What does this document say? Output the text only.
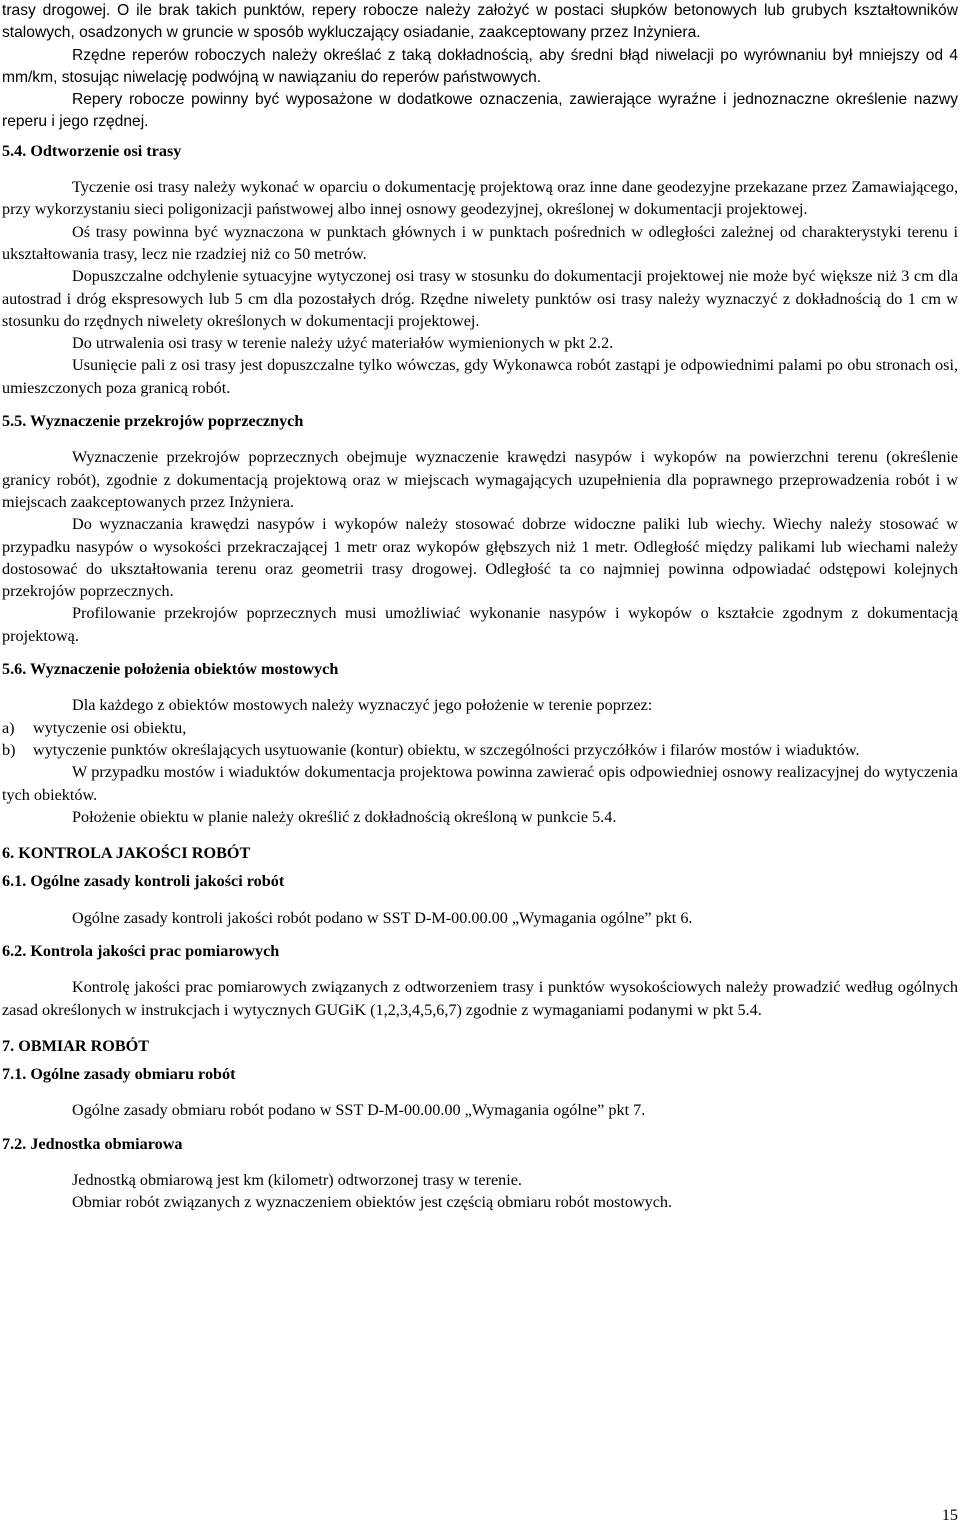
trasy drogowej. O ile brak takich punktów, repery robocze należy założyć w postaci słupków betonowych lub grubych kształtowników stalowych, osadzonych w gruncie w sposób wykluczający osiadanie, zaakceptowany przez Inżyniera.

Rzędne reperów roboczych należy określać z taką dokładnością, aby średni błąd niwelacji po wyrównaniu był mniejszy od 4 mm/km, stosując niwelację podwójną w nawiązaniu do reperów państwowych.

Repery robocze powinny być wyposażone w dodatkowe oznaczenia, zawierające wyraźne i jednoznaczne określenie nazwy reperu i jego rzędnej.

5.4. Odtworzenie osi trasy

Tyczenie osi trasy należy wykonać w oparciu o dokumentację projektową oraz inne dane geodezyjne przekazane przez Zamawiającego, przy wykorzystaniu sieci poligonizacji państwowej albo innej osnowy geodezyjnej, określonej w dokumentacji projektowej.

Oś trasy powinna być wyznaczona w punktach głównych i w punktach pośrednich w odległości zależnej od charakterystyki terenu i ukształtowania trasy, lecz nie rzadziej niż co 50 metrów.

Dopuszczalne odchylenie sytuacyjne wytyczonej osi trasy w stosunku do dokumentacji projektowej nie może być większe niż 3 cm dla autostrad i dróg ekspresowych lub 5 cm dla pozostałych dróg. Rzędne niwelety punktów osi trasy należy wyznaczyć z dokładnością do 1 cm w stosunku do rzędnych niwelety określonych w dokumentacji projektowej.

Do utrwalenia osi trasy w terenie należy użyć materiałów wymienionych w pkt 2.2.

Usunięcie pali z osi trasy jest dopuszczalne tylko wówczas, gdy Wykonawca robót zastąpi je odpowiednimi palami po obu stronach osi, umieszczonych poza granicą robót.

5.5. Wyznaczenie przekrojów poprzecznych

Wyznaczenie przekrojów poprzecznych obejmuje wyznaczenie krawędzi nasypów i wykopów na powierzchni terenu (określenie granicy robót), zgodnie z dokumentacją projektową oraz w miejscach wymagających uzupełnienia dla poprawnego przeprowadzenia robót i w miejscach zaakceptowanych przez Inżyniera.

Do wyznaczania krawędzi nasypów i wykopów należy stosować dobrze widoczne paliki lub wiechy. Wiechy należy stosować w przypadku nasypów o wysokości przekraczającej 1 metr oraz wykopów głębszych niż 1 metr. Odległość między palikami lub wiechami należy dostosować do ukształtowania terenu oraz geometrii trasy drogowej. Odległość ta co najmniej powinna odpowiadać odstępowi kolejnych przekrojów poprzecznych.

Profilowanie przekrojów poprzecznych musi umożliwiać wykonanie nasypów i wykopów o kształcie zgodnym z dokumentacją projektową.

5.6. Wyznaczenie położenia obiektów mostowych

Dla każdego z obiektów mostowych należy wyznaczyć jego położenie w terenie poprzez:

a)	wytyczenie osi obiektu,
b)	wytyczenie punktów określających usytuowanie (kontur) obiektu, w szczególności przyczółków i filarów mostów i wiaduktów.

W przypadku mostów i wiaduktów dokumentacja projektowa powinna zawierać opis odpowiedniej osnowy realizacyjnej do wytyczenia tych obiektów.

Położenie obiektu w planie należy określić z dokładnością określoną w punkcie 5.4.

6. KONTROLA JAKOŚCI ROBÓT
6.1. Ogólne zasady kontroli jakości robót

Ogólne zasady kontroli jakości robót podano w SST D-M-00.00.00 „Wymagania ogólne” pkt 6.

6.2. Kontrola jakości prac pomiarowych

Kontrolę jakości prac pomiarowych związanych z odtworzeniem trasy i punktów wysokościowych należy prowadzić według ogólnych zasad określonych w instrukcjach i wytycznych GUGiK (1,2,3,4,5,6,7) zgodnie z wymaganiami podanymi w pkt 5.4.

7. OBMIAR ROBÓT
7.1. Ogólne zasady obmiaru robót

Ogólne zasady obmiaru robót podano w SST D-M-00.00.00 „Wymagania ogólne” pkt 7.

7.2. Jednostka obmiarowa

Jednostką obmiarową jest km (kilometr) odtworzonej trasy w terenie.

Obmiar robót związanych z wyznaczeniem obiektów jest częścią obmiaru robót mostowych.

15
